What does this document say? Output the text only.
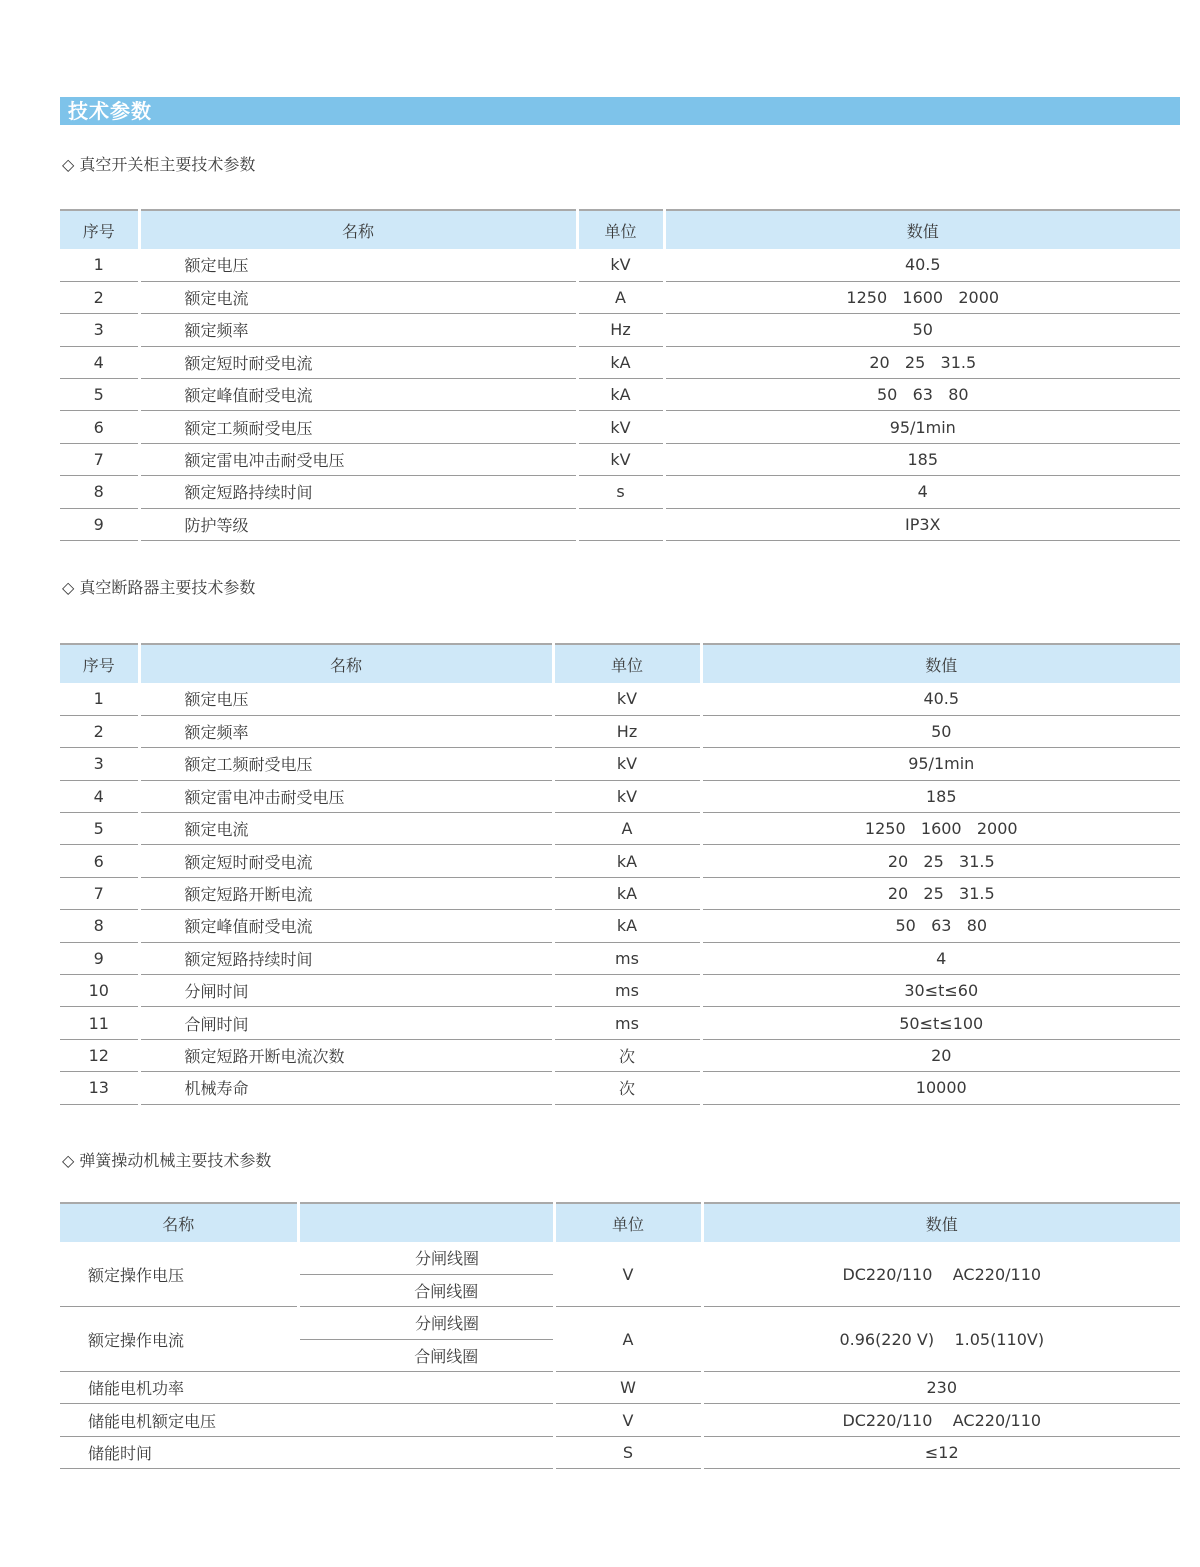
技术参数
◇ 真空开关柜主要技术参数
序号	名称	单位	数值
1	额定电压	kV	40.5
2	额定电流	A	1250   1600   2000
3	额定频率	Hz	50
4	额定短时耐受电流	kA	20   25   31.5
5	额定峰值耐受电流	kA	50   63   80
6	额定工频耐受电压	kV	95/1min
7	额定雷电冲击耐受电压	kV	185
8	额定短路持续时间	s	4
9	防护等级		IP3X
◇ 真空断路器主要技术参数
序号	名称	单位	数值
1	额定电压	kV	40.5
2	额定频率	Hz	50
3	额定工频耐受电压	kV	95/1min
4	额定雷电冲击耐受电压	kV	185
5	额定电流	A	1250   1600   2000
6	额定短时耐受电流	kA	20   25   31.5
7	额定短路开断电流	kA	20   25   31.5
8	额定峰值耐受电流	kA	50   63   80
9	额定短路持续时间	ms	4
10	分闸时间	ms	30≤t≤60
11	合闸时间	ms	50≤t≤100
12	额定短路开断电流次数	次	20
13	机械寿命	次	10000
◇ 弹簧操动机械主要技术参数
名称		单位	数值
额定操作电压	分闸线圈	V	DC220/110    AC220/110
	合闸线圈		
额定操作电流	分闸线圈	A	0.96(220 V)    1.05(110V)
	合闸线圈		
储能电机功率		W	230
储能电机额定电压		V	DC220/110    AC220/110
储能时间		S	≤12
